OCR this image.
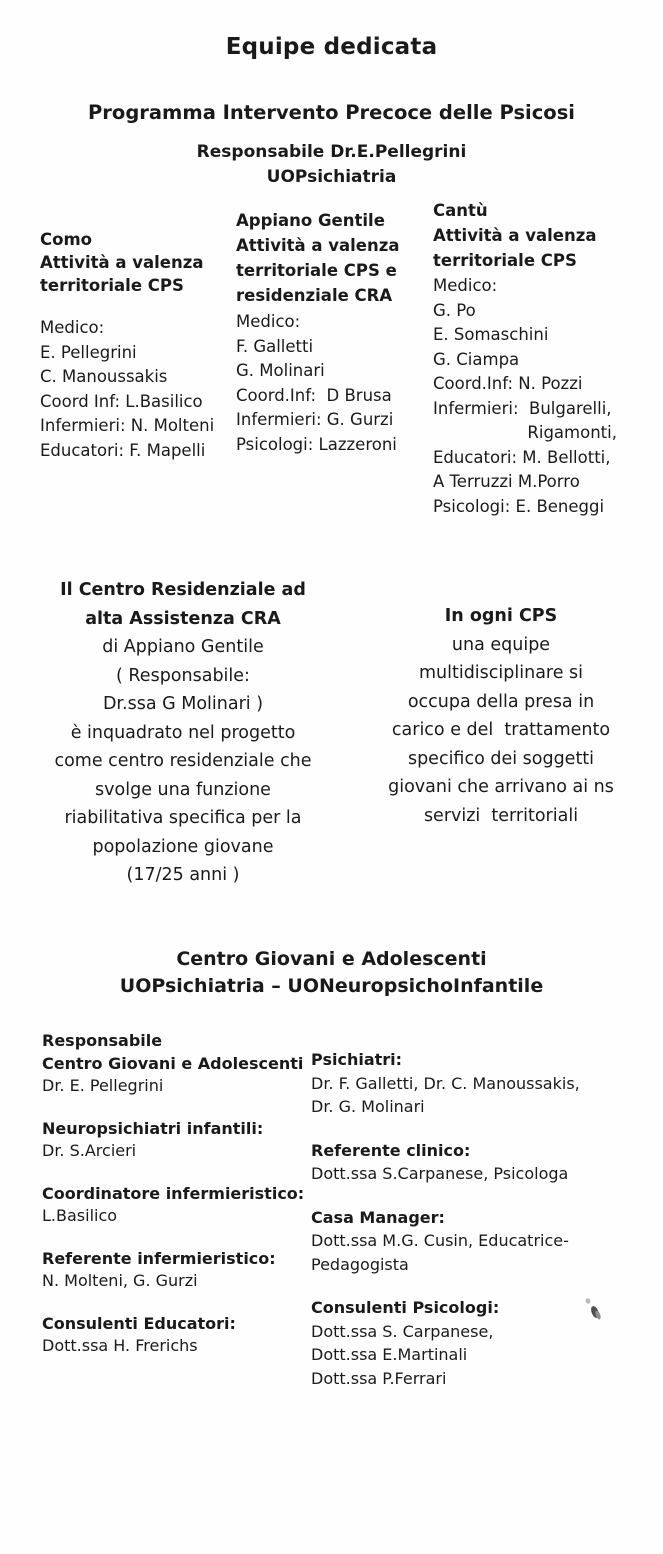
Equipe dedicata
Programma Intervento Precoce delle Psicosi
Responsabile Dr.E.Pellegrini
UOPsichiatria
Como
Attività a valenza
territoriale CPS
Medico:
E. Pellegrini
C. Manoussakis
Coord Inf: L.Basilico
Infermieri: N. Molteni
Educatori: F. Mapelli
Appiano Gentile
Attività a valenza
territoriale CPS e
residenziale CRA
Medico:
F. Galletti
G. Molinari
Coord.Inf:  D Brusa
Infermieri: G. Gurzi
Psicologi: Lazzeroni
Cantù
Attività a valenza
territoriale CPS
Medico:
G. Po
E. Somaschini
G. Ciampa
Coord.Inf: N. Pozzi
Infermieri:  Bulgarelli,
Rigamonti,
Educatori: M. Bellotti,
A Terruzzi M.Porro
Psicologi: E. Beneggi
Il Centro Residenziale ad
alta Assistenza CRA
di Appiano Gentile
( Responsabile:
Dr.ssa G Molinari )
è inquadrato nel progetto
come centro residenziale che
svolge una funzione
riabilitativa specifica per la
popolazione giovane
(17/25 anni )
In ogni CPS
una equipe
multidisciplinare si
occupa della presa in
carico e del  trattamento
specifico dei soggetti
giovani che arrivano ai ns
servizi  territoriali
Centro Giovani e Adolescenti
UOPsichiatria – UONeuropsichoInfantile
Responsabile
Centro Giovani e Adolescenti
Dr. E. Pellegrini
Neuropsichiatri infantili:
Dr. S.Arcieri
Coordinatore infermieristico:
L.Basilico
Referente infermieristico:
N. Molteni, G. Gurzi
Consulenti Educatori:
Dott.ssa H. Frerichs
Psichiatri:
Dr. F. Galletti, Dr. C. Manoussakis,
Dr. G. Molinari
Referente clinico:
Dott.ssa S.Carpanese, Psicologa
Casa Manager:
Dott.ssa M.G. Cusin, Educatrice-
Pedagogista
Consulenti Psicologi:
Dott.ssa S. Carpanese,
Dott.ssa E.Martinali
Dott.ssa P.Ferrari
